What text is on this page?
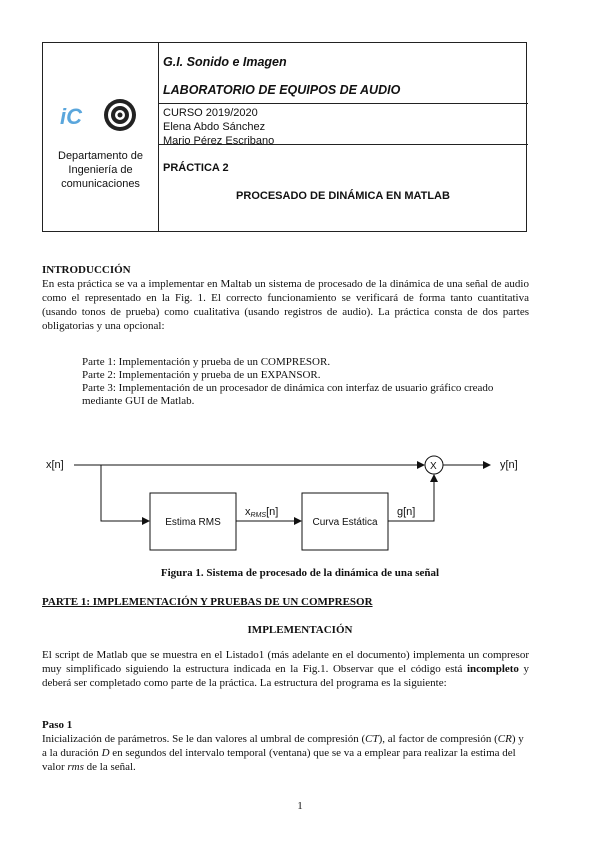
iC
Departamento de Ingeniería de comunicaciones
G.I. Sonido e Imagen
LABORATORIO DE EQUIPOS DE AUDIO
CURSO 2019/2020
Elena Abdo Sánchez
Mario Pérez Escribano
PRÁCTICA 2
PROCESADO DE DINÁMICA EN MATLAB
INTRODUCCIÓN
En esta práctica se va a implementar en Maltab un sistema de procesado de la dinámica de una señal de audio como el representado en la Fig. 1. El correcto funcionamiento se verificará de forma tanto cuantitativa (usando tonos de prueba) como cualitativa (usando registros de audio). La práctica consta de dos partes obligatorias y una opcional:
Parte 1: Implementación y prueba de un COMPRESOR.
Parte 2: Implementación y prueba de un EXPANSOR.
Parte 3: Implementación de un procesador de dinámica con interfaz de usuario gráfico creado mediante GUI de Matlab.
x[n]	y[n]
X
Estima RMS
xRMS[n]
Curva Estática
g[n]
Figura 1. Sistema de procesado de la dinámica de una señal
PARTE 1: IMPLEMENTACIÓN Y PRUEBAS DE UN COMPRESOR
IMPLEMENTACIÓN
El script de Matlab que se muestra en el Listado1 (más adelante en el documento) implementa un compresor muy simplificado siguiendo la estructura indicada en la Fig.1. Observar que el código está incompleto y deberá ser completado como parte de la práctica. La estructura del programa es la siguiente:
Paso 1
Inicialización de parámetros. Se le dan valores al umbral de compresión (CT), al factor de compresión (CR) y a la duración D en segundos del intervalo temporal (ventana) que se va a emplear para realizar la estima del valor rms de la señal.
1
